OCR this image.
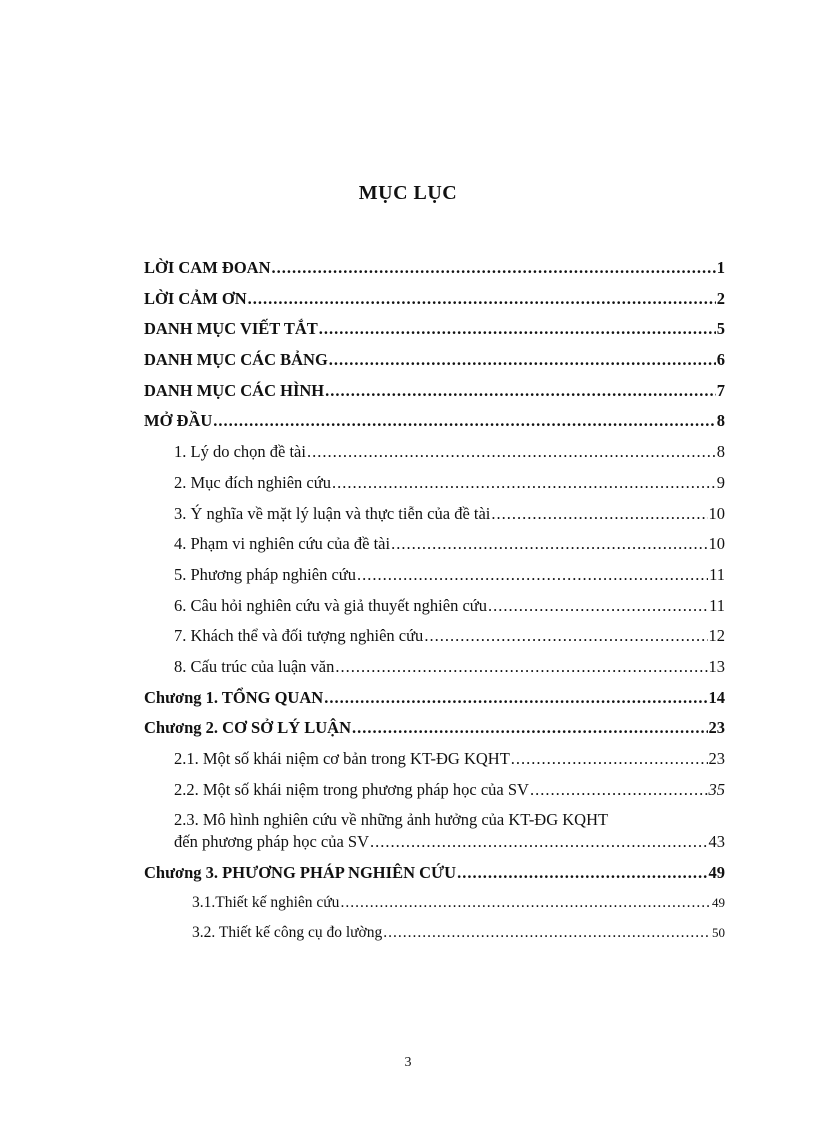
MỤC LỤC
LỜI CAM ĐOAN .....	1
LỜI CẢM ƠN .....	2
DANH MỤC VIẾT TẮT .....	5
DANH MỤC CÁC BẢNG .....	6
DANH MỤC CÁC HÌNH .....	7
MỞ ĐẦU .....	8
1. Lý do chọn đề tài .....	8
2. Mục đích nghiên cứu .....	9
3. Ý nghĩa về mặt lý luận và thực tiễn của đề tài .....	10
4. Phạm vi nghiên cứu của đề tài .....	10
5. Phương pháp nghiên cứu .....	11
6. Câu hỏi nghiên cứu và giả thuyết nghiên cứu .....	11
7. Khách thể và đối tượng nghiên cứu .....	12
8. Cấu trúc của luận văn .....	13
Chương 1. TỔNG QUAN .....	14
Chương 2. CƠ SỞ LÝ LUẬN .....	23
2.1. Một số khái niệm cơ bản trong KT-ĐG KQHT .....	23
2.2. Một số khái niệm trong phương pháp học của SV .....	35
2.3. Mô hình nghiên cứu về những ảnh hưởng của KT-ĐG KQHT
đến phương pháp học của SV .....	43
Chương 3. PHƯƠNG PHÁP NGHIÊN CỨU .....	49
3.1.Thiết kế nghiên cứu .....	49
3.2. Thiết kế công cụ đo lường .....	50
3
